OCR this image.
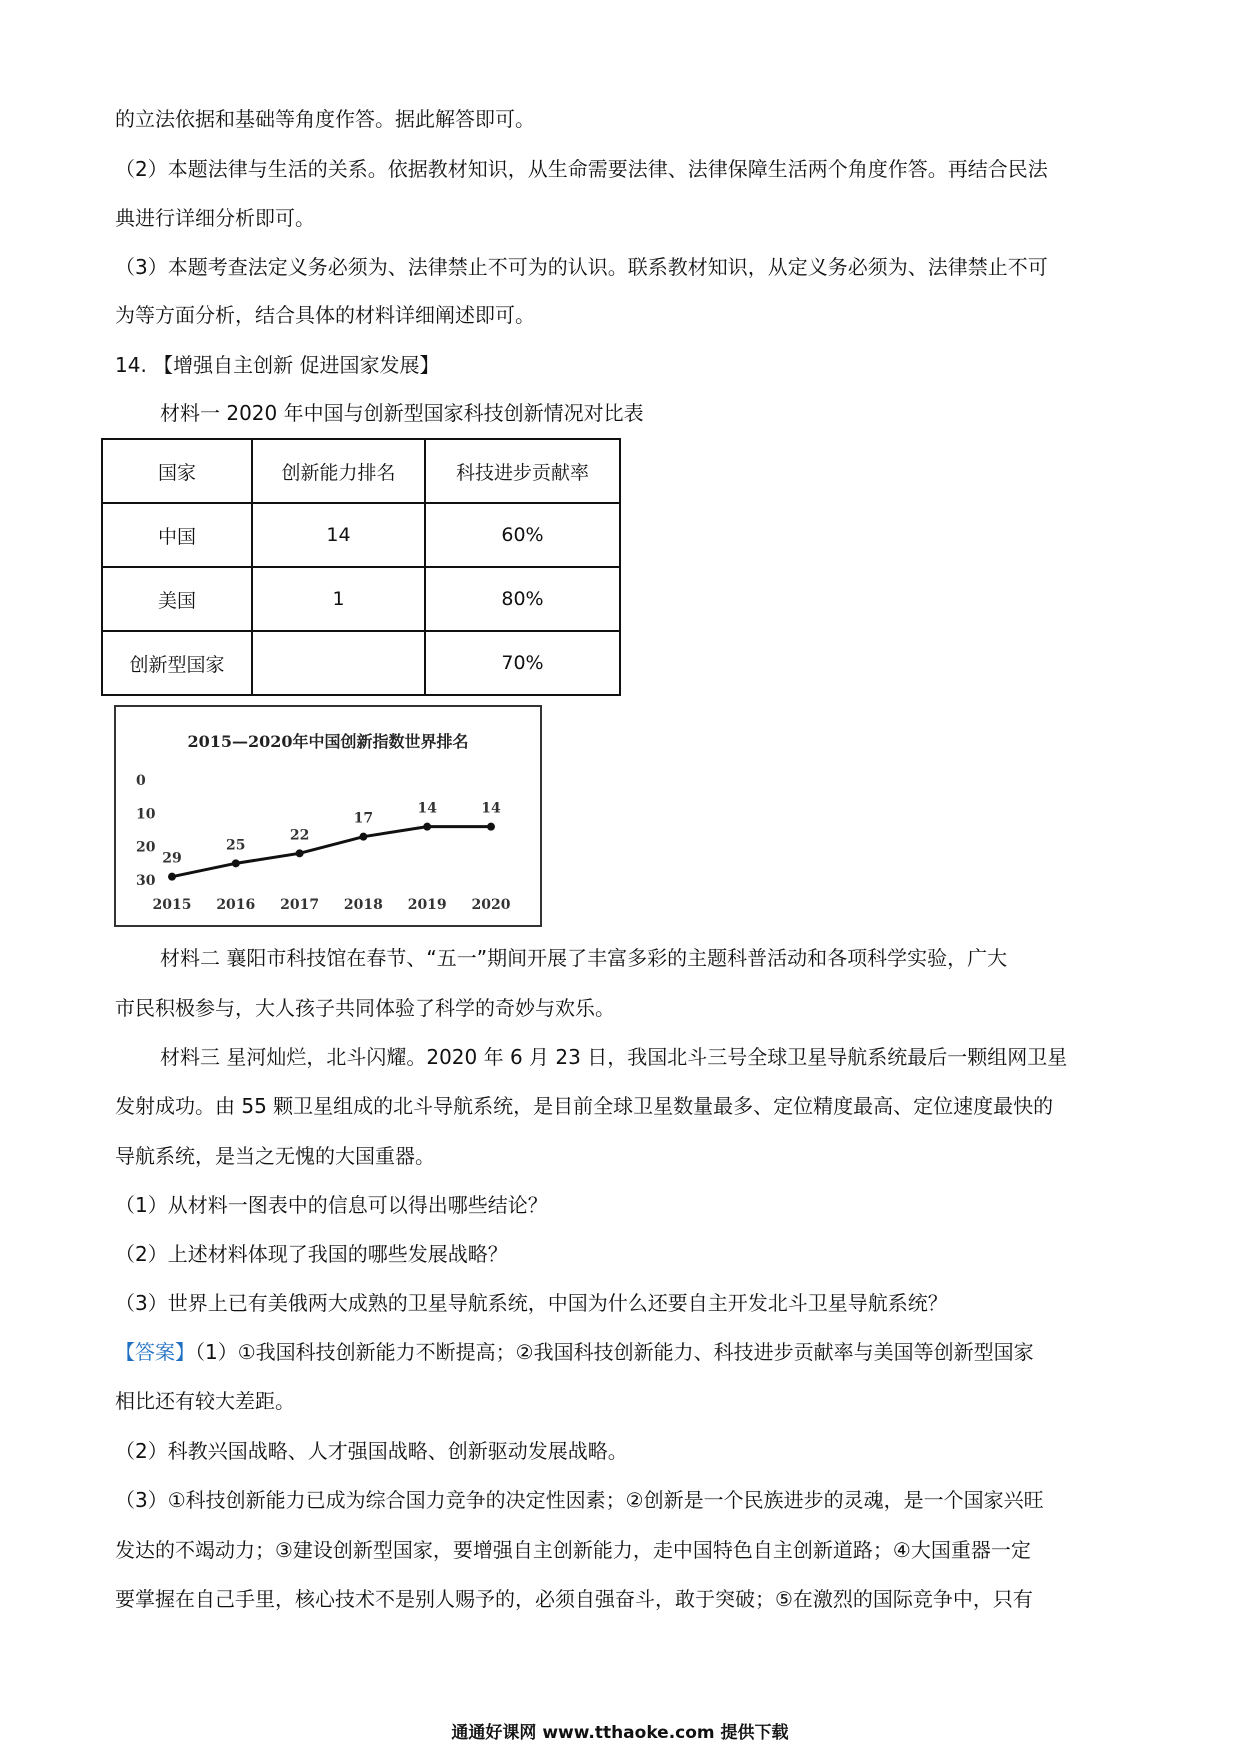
的立法依据和基础等角度作答。据此解答即可。
（2）本题法律与生活的关系。依据教材知识，从生命需要法律、法律保障生活两个角度作答。再结合民法
典进行详细分析即可。
（3）本题考查法定义务必须为、法律禁止不可为的认识。联系教材知识，从定义务必须为、法律禁止不可
为等方面分析，结合具体的材料详细阐述即可。
14. 【增强自主创新 促进国家发展】
材料一 2020 年中国与创新型国家科技创新情况对比表
国家	创新能力排名	科技进步贡献率
中国	14	60%
美国	1	80%
创新型国家		70%
2015—2020年中国创新指数世界排名
0
10
20
30
2015 2016 2017 2018 2019 2020
29
25
22
17
14	14
材料二 襄阳市科技馆在春节、“五一”期间开展了丰富多彩的主题科普活动和各项科学实验，广大
市民积极参与，大人孩子共同体验了科学的奇妙与欢乐。
材料三 星河灿烂，北斗闪耀。2020 年 6 月 23 日，我国北斗三号全球卫星导航系统最后一颗组网卫星
发射成功。由 55 颗卫星组成的北斗导航系统，是目前全球卫星数量最多、定位精度最高、定位速度最快的
导航系统，是当之无愧的大国重器。
（1）从材料一图表中的信息可以得出哪些结论？
（2）上述材料体现了我国的哪些发展战略？
（3）世界上已有美俄两大成熟的卫星导航系统，中国为什么还要自主开发北斗卫星导航系统？
【答案】（1）①我国科技创新能力不断提高；②我国科技创新能力、科技进步贡献率与美国等创新型国家
相比还有较大差距。
（2）科教兴国战略、人才强国战略、创新驱动发展战略。
（3）①科技创新能力已成为综合国力竞争的决定性因素；②创新是一个民族进步的灵魂，是一个国家兴旺
发达的不竭动力；③建设创新型国家，要增强自主创新能力，走中国特色自主创新道路；④大国重器一定
要掌握在自己手里，核心技术不是别人赐予的，必须自强奋斗，敢于突破；⑤在激烈的国际竞争中，只有
通通好课网 www.tthaoke.com 提供下载
